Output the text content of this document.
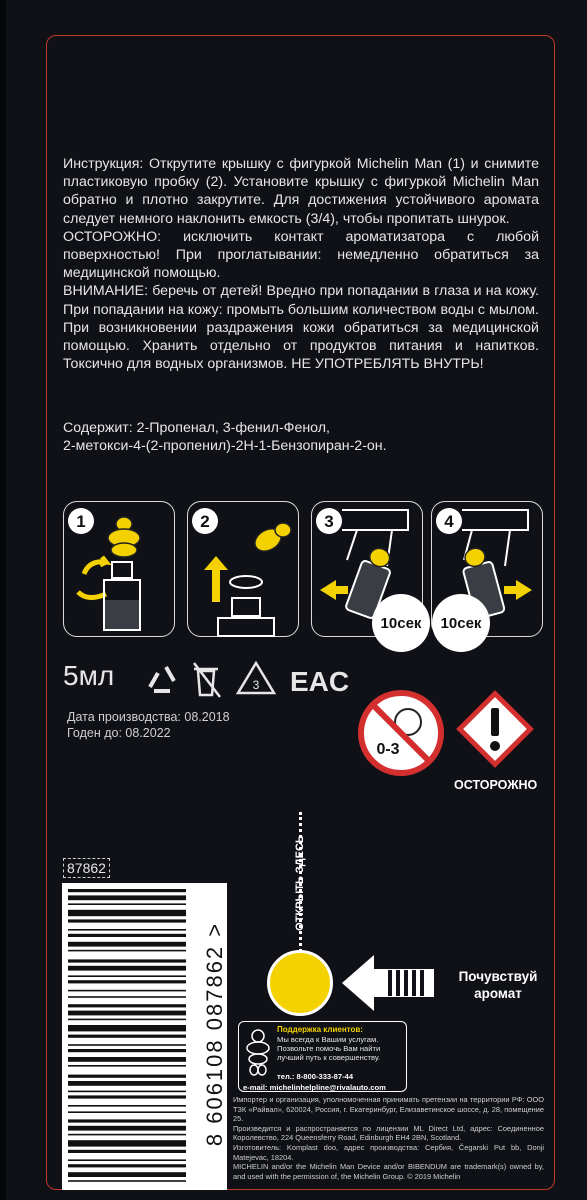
Инструкция: Открутите крышку с фигуркой Michelin Man (1) и снимите пластиковую пробку (2). Установите крышку с фигуркой Michelin Man обратно и плотно закрутите. Для достижения устойчивого аромата следует немного наклонить емкость (3/4), чтобы пропитать шнурок.

ОСТОРОЖНО: исключить контакт ароматизатора с любой поверхностью! При проглатывании: немедленно обратиться за медицинской помощью.

ВНИМАНИЕ: беречь от детей! Вредно при попадании в глаза и на кожу. При попадании на кожу: промыть большим количеством воды с мылом. При возникновении раздражения кожи обратиться за медицинской помощью. Хранить отдельно от продуктов питания и напитков. Токсично для водных организмов. НЕ УПОТРЕБЛЯТЬ ВНУТРЬ!

Содержит: 2-Пропенал, 3-фенил-Фенол,

2-метокси-4-(2-пропенил)-2Н-1-Бензопиран-2-он.

1	2	3
10сек
4
10сек
5мл	3 EAC

Дата производства: 08.2018

Годен до: 08.2022

0-3
ОСТОРОЖНО
87862
8 606108 087862 >
ОТКРЫТЬ ЗДЕСЬ
Почувствуй аромат
Поддержка клиентов:
Мы всегда к Вашим услугам. Позвольте помочь Вам найти лучший путь к совершенству.
тел.: 8-800-333-87-44
e-mail: michelinhelpline@rivalauto.com

Импортер и организация, уполномоченная принимать претензии на территории РФ: ООО ТЗК «Райвал», 620024, Россия, г. Екатеринбург, Елизаветинское шоссе, д. 28, помещение 25.

Произведится и распространяется по лицензии ML Direct Ltd, адрес: Соединенное Королевство, 224 Queensferry Road, Edinburgh EH4 2BN, Scotland.

Изготовитель: Komplast doo, адрес производства: Сербия, Čegarski Put bb, Donji Matejevac, 18204.

MICHELIN and/or the Michelin Man Device and/or BIBENDUM are trademark(s) owned by, and used with the permission of, the Michelin Group. © 2019 Michelin
